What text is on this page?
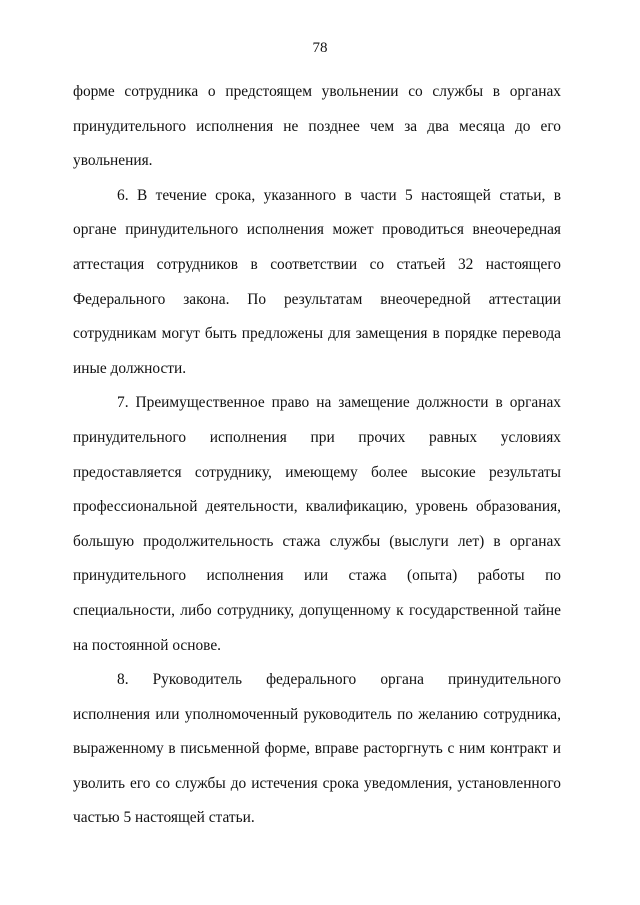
78

форме сотрудника о предстоящем увольнении со службы в органах принудительного исполнения не позднее чем за два месяца до его увольнения.

6. В течение срока, указанного в части 5 настоящей статьи, в органе принудительного исполнения может проводиться внеочередная аттестация сотрудников в соответствии со статьей 32 настоящего Федерального закона. По результатам внеочередной аттестации сотрудникам могут быть предложены для замещения в порядке перевода иные должности.

7. Преимущественное право на замещение должности в органах принудительного исполнения при прочих равных условиях предоставляется сотруднику, имеющему более высокие результаты профессиональной деятельности, квалификацию, уровень образования, большую продолжительность стажа службы (выслуги лет) в органах принудительного исполнения или стажа (опыта) работы по специальности, либо сотруднику, допущенному к государственной тайне на постоянной основе.

8. Руководитель федерального органа принудительного исполнения или уполномоченный руководитель по желанию сотрудника, выраженному в письменной форме, вправе расторгнуть с ним контракт и уволить его со службы до истечения срока уведомления, установленного частью 5 настоящей статьи.
